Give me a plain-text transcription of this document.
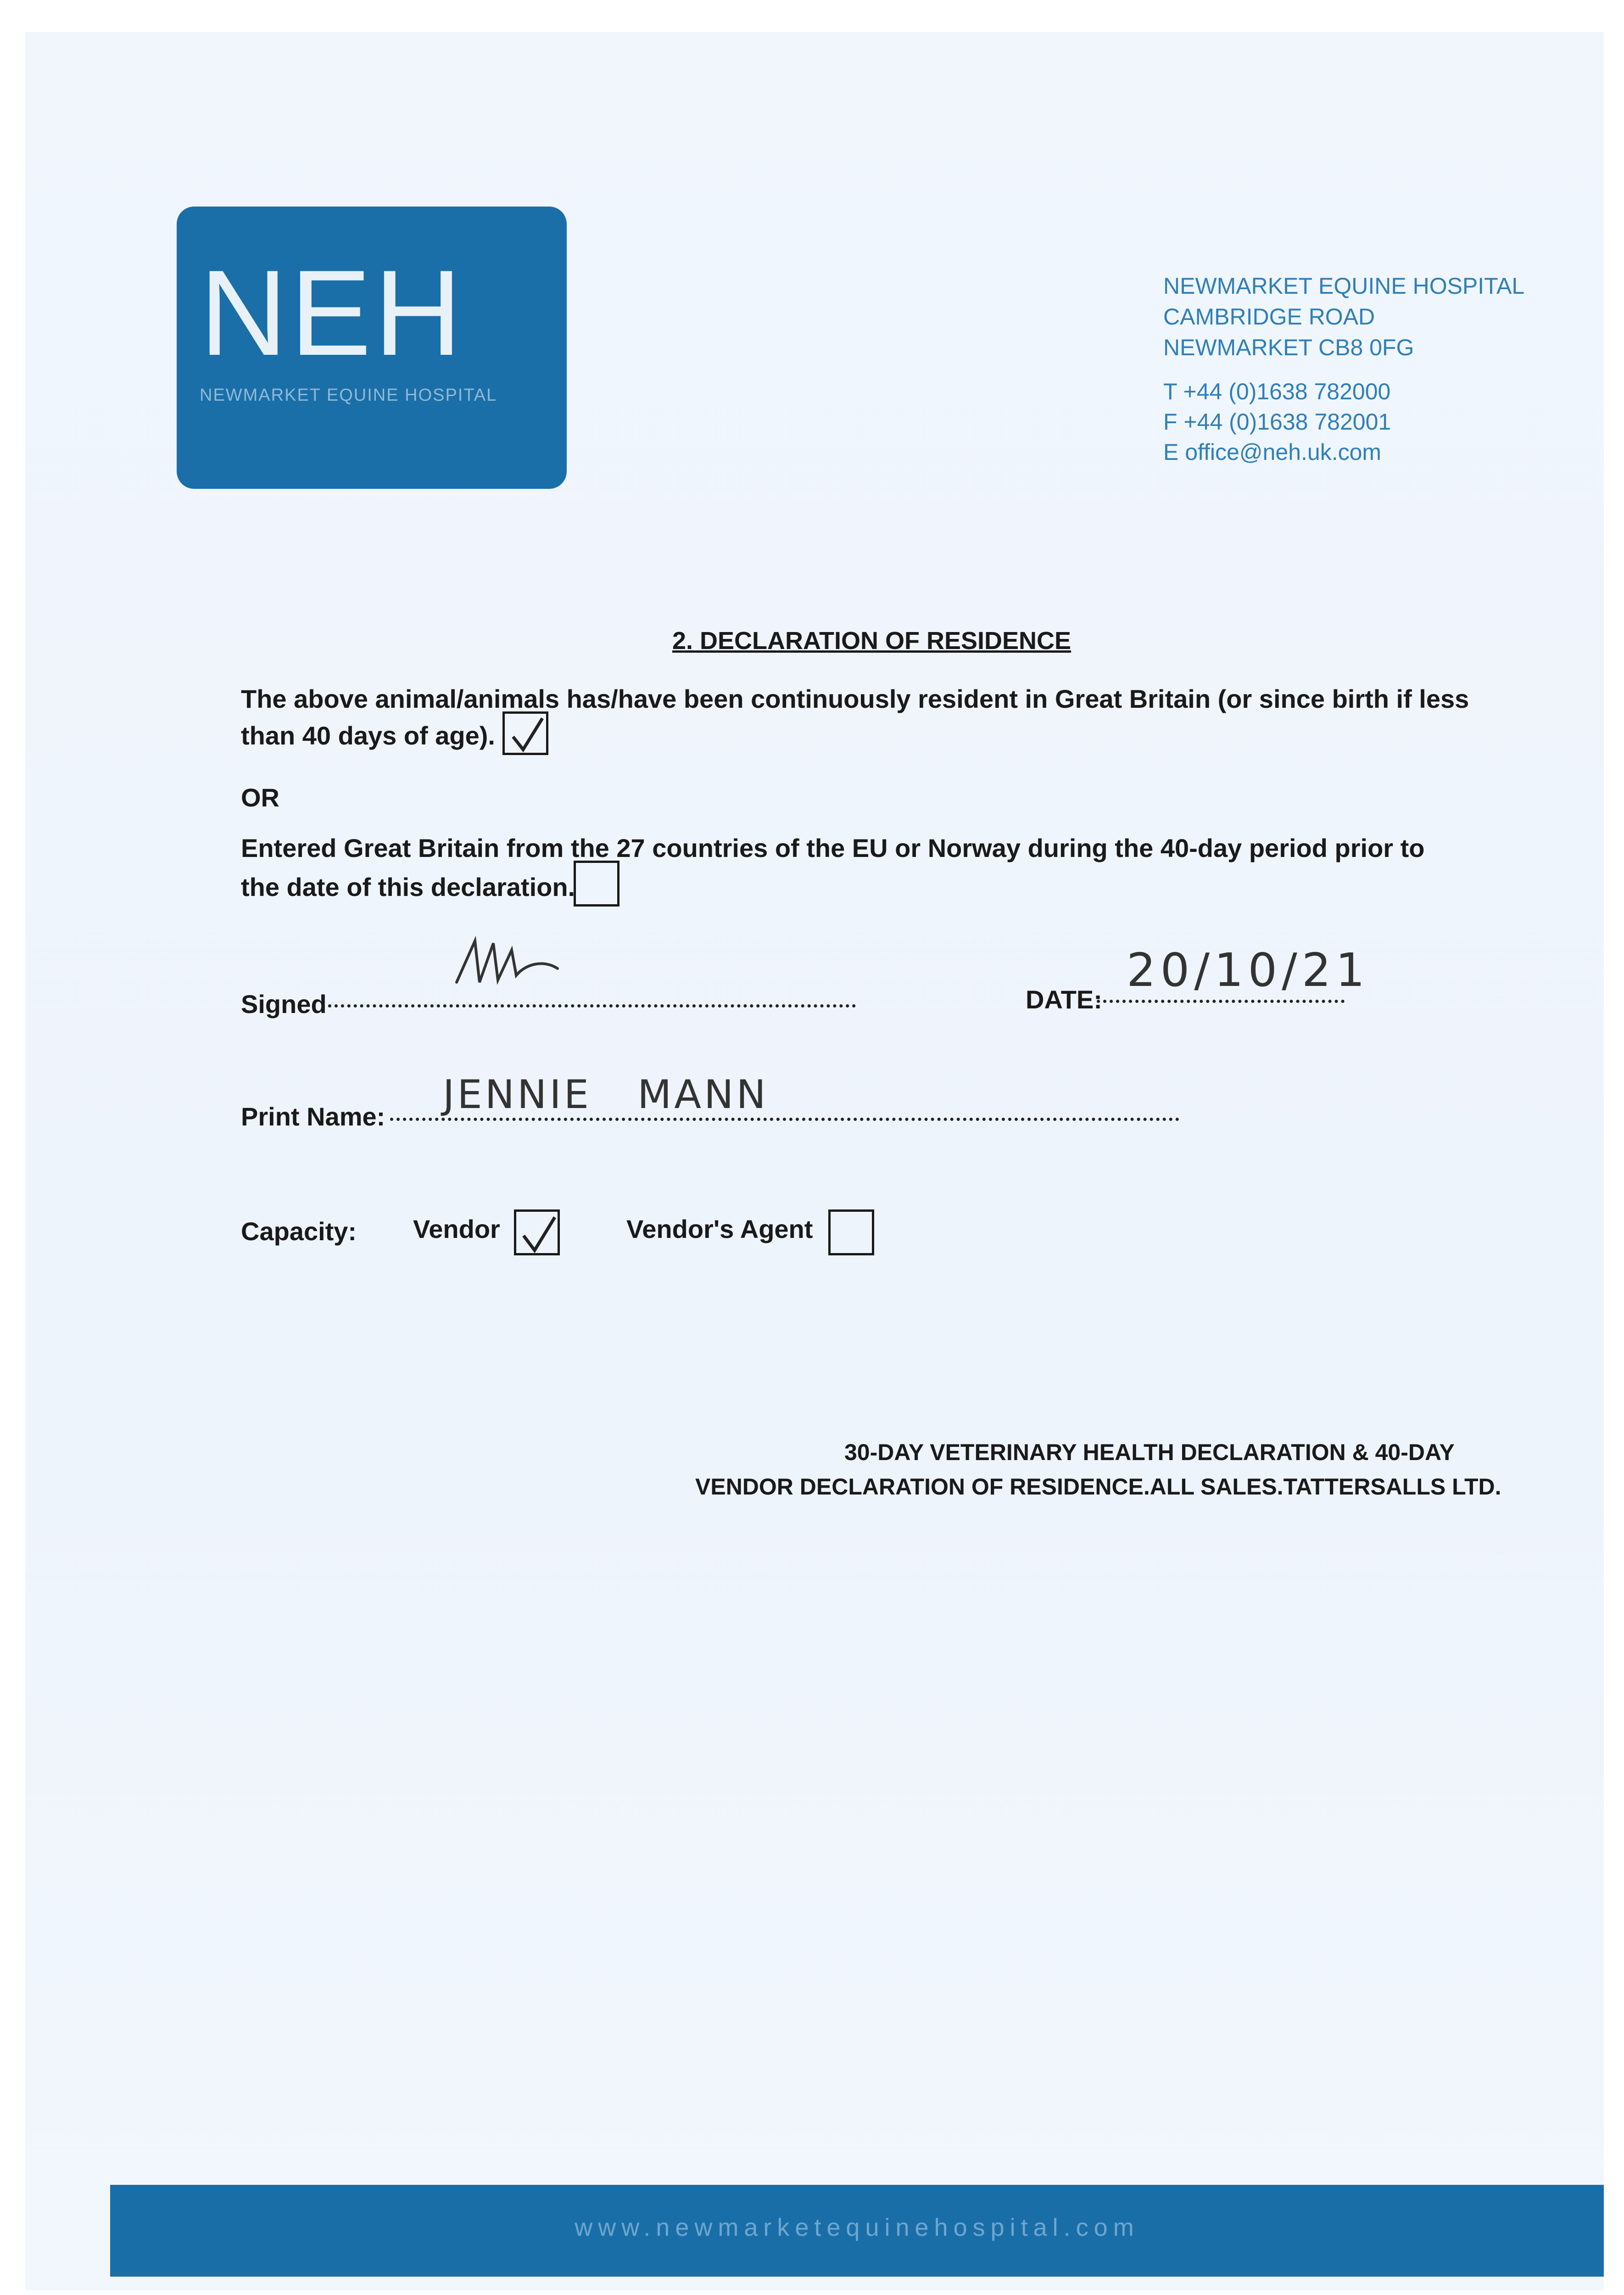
NEH
NEWMARKET EQUINE HOSPITAL
NEWMARKET EQUINE HOSPITAL
CAMBRIDGE ROAD
NEWMARKET CB8 0FG
T +44 (0)1638 782000
F +44 (0)1638 782001
E office@neh.uk.com
2. DECLARATION OF RESIDENCE
The above animal/animals has/have been continuously resident in Great Britain (or since birth if less
than 40 days of age).
OR
Entered Great Britain from the 27 countries of the EU or Norway during the 40-day period prior to
the date of this declaration.
Signed	DATE:
20/10/21
Print Name: JENNIE   MANN
Capacity: Vendor	Vendor's Agent
30-DAY VETERINARY HEALTH DECLARATION & 40-DAY
VENDOR DECLARATION OF RESIDENCE.ALL SALES.TATTERSALLS LTD.
www.newmarketequinehospital.com
